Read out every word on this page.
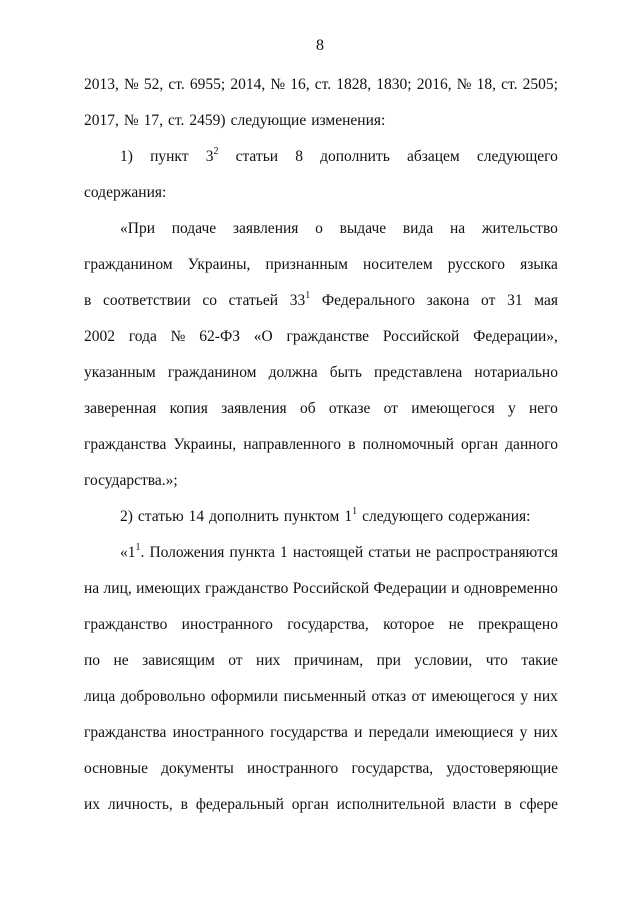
8
2013, № 52, ст. 6955; 2014, № 16, ст. 1828, 1830; 2016, № 18, ст. 2505;
2017, № 17, ст. 2459) следующие изменения:
1) пункт $3^2$ статьи 8 дополнить абзацем следующего
содержания:
«При подаче заявления о выдаче вида на жительство
гражданином Украины, признанным носителем русского языка
в соответствии со статьей $33^1$ Федерального закона от 31 мая
2002 года № 62-ФЗ «О гражданстве Российской Федерации»,
указанным гражданином должна быть представлена нотариально
заверенная копия заявления об отказе от имеющегося у него
гражданства Украины, направленного в полномочный орган данного
государства.»;
2) статью 14 дополнить пунктом $1^1$ следующего содержания:
«$1^1$. Положения пункта 1 настоящей статьи не распространяются
на лиц, имеющих гражданство Российской Федерации и одновременно
гражданство иностранного государства, которое не прекращено
по не зависящим от них причинам, при условии, что такие
лица добровольно оформили письменный отказ от имеющегося у них
гражданства иностранного государства и передали имеющиеся у них
основные документы иностранного государства, удостоверяющие
их личность, в федеральный орган исполнительной власти в сфере
